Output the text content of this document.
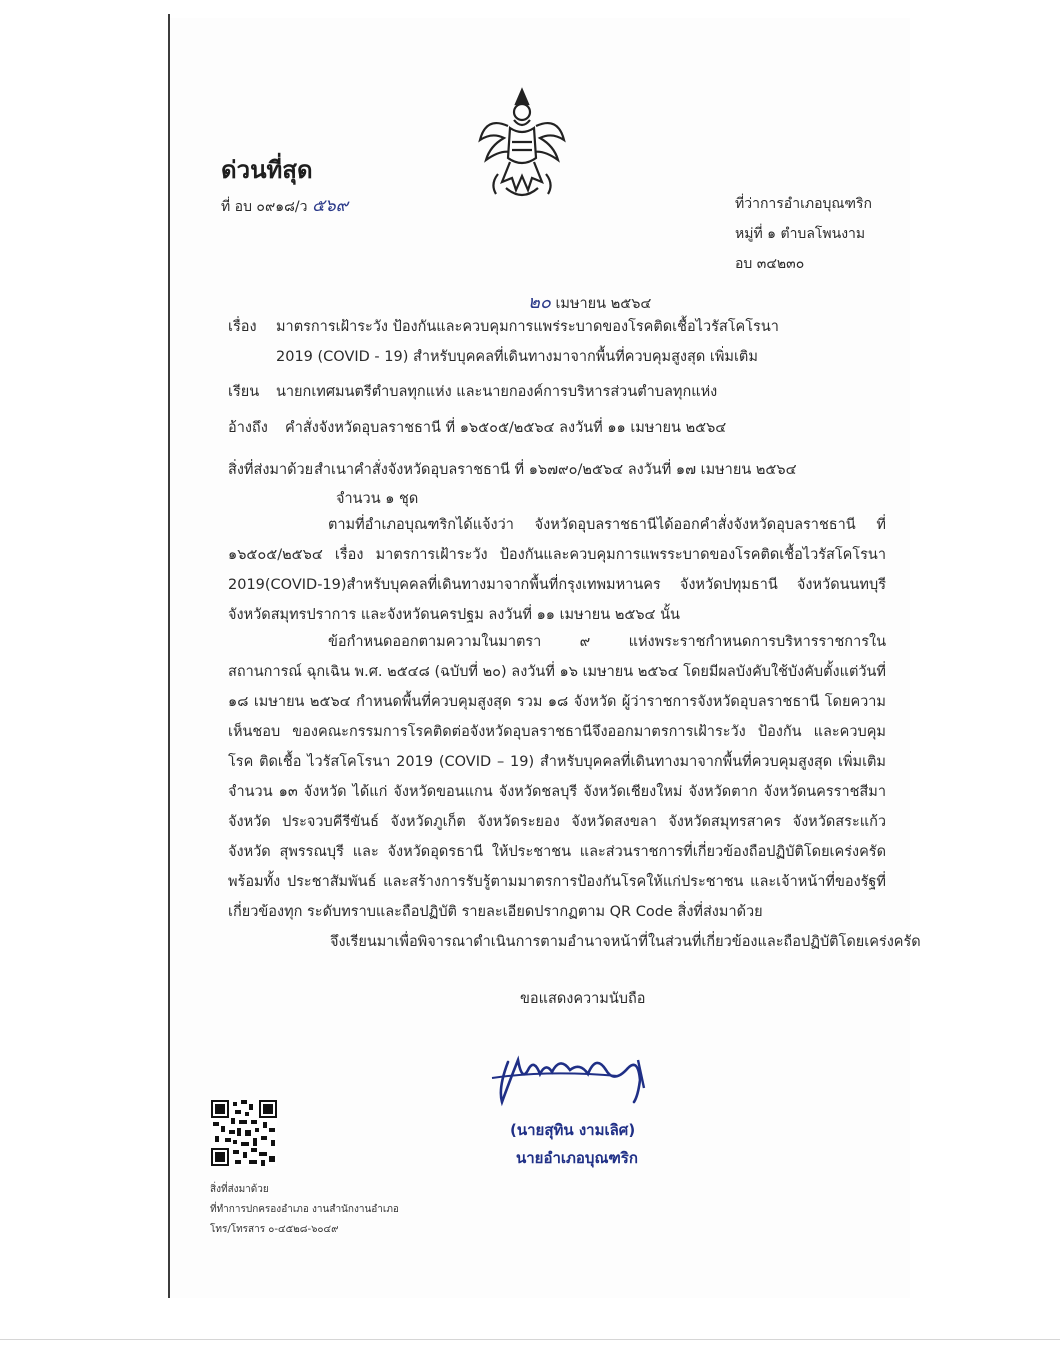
ด่วนที่สุด
ที่ อบ ๐๙๑๘/ว ๕๖๙	ที่ว่าการอำเภอบุณฑริก
หมู่ที่ ๑ ตำบลโพนงาม
อบ ๓๔๒๓๐
๒๐ เมษายน ๒๕๖๔
เรื่อง มาตรการเฝ้าระวัง ป้องกันและควบคุมการแพร่ระบาดของโรคติดเชื้อไวรัสโคโรนา
2019 (COVID - 19) สำหรับบุคคลที่เดินทางมาจากพื้นที่ควบคุมสูงสุด เพิ่มเติม
เรียน นายกเทศมนตรีตำบลทุกแห่ง และนายกองค์การบริหารส่วนตำบลทุกแห่ง
อ้างถึง คำสั่งจังหวัดอุบลราชธานี ที่ ๑๖๕๐๕/๒๕๖๔ ลงวันที่ ๑๑ เมษายน ๒๕๖๔
สิ่งที่ส่งมาด้วย สำเนาคำสั่งจังหวัดอุบลราชธานี ที่ ๑๖๗๙๐/๒๕๖๔ ลงวันที่ ๑๗ เมษายน ๒๕๖๔
จำนวน ๑ ชุด
ตามที่อำเภอบุณฑริกได้แจ้งว่า จังหวัดอุบลราชธานีได้ออกคำสั่งจังหวัดอุบลราชธานี ที่ ๑๖๕๐๕/๒๕๖๔ เรื่อง มาตรการเฝ้าระวัง ป้องกันและควบคุมการแพรระบาดของโรคติดเชื้อไวรัสโคโรนา 2019(COVID-19)สำหรับบุคคลที่เดินทางมาจากพื้นที่กรุงเทพมหานคร จังหวัดปทุมธานี จังหวัดนนทบุรี จังหวัดสมุทรปราการ และจังหวัดนครปฐม ลงวันที่ ๑๑ เมษายน ๒๕๖๔ นั้น
ข้อกำหนดออกตามความในมาตรา ๙ แห่งพระราชกำหนดการบริหารราชการในสถานการณ์ ฉุกเฉิน พ.ศ. ๒๕๔๘ (ฉบับที่ ๒๐) ลงวันที่ ๑๖ เมษายน ๒๕๖๔ โดยมีผลบังคับใช้บังคับตั้งแต่วันที่ ๑๘ เมษายน ๒๕๖๔ กำหนดพื้นที่ควบคุมสูงสุด รวม ๑๘ จังหวัด ผู้ว่าราชการจังหวัดอุบลราชธานี โดยความ เห็นชอบ ของคณะกรรมการโรคติดต่อจังหวัดอุบลราชธานีจึงออกมาตรการเฝ้าระวัง ป้องกัน และควบคุมโรค ติดเชื้อ ไวรัสโคโรนา 2019 (COVID – 19) สำหรับบุคคลที่เดินทางมาจากพื้นที่ควบคุมสูงสุด เพิ่มเติม จำนวน ๑๓ จังหวัด ได้แก่ จังหวัดขอนแกน จังหวัดชลบุรี จังหวัดเชียงใหม่ จังหวัดตาก จังหวัดนครราชสีมา จังหวัด ประจวบคีรีขันธ์ จังหวัดภูเก็ต จังหวัดระยอง จังหวัดสงขลา จังหวัดสมุทรสาคร จังหวัดสระแก้ว จังหวัด สุพรรณบุรี และ จังหวัดอุดรธานี ให้ประชาชน และส่วนราชการที่เกี่ยวข้องถือปฏิบัติโดยเคร่งครัด พร้อมทั้ง ประชาสัมพันธ์ และสร้างการรับรู้ตามมาตรการป้องกันโรคให้แก่ประชาชน และเจ้าหน้าที่ของรัฐที่เกี่ยวข้องทุก ระดับทราบและถือปฏิบัติ รายละเอียดปรากฏตาม QR Code สิ่งที่ส่งมาด้วย
จึงเรียนมาเพื่อพิจารณาดำเนินการตามอำนาจหน้าที่ในส่วนที่เกี่ยวข้องและถือปฏิบัติโดยเคร่งครัด
ขอแสดงความนับถือ
(นายสุทิน งามเลิศ)
นายอำเภอบุณฑริก
สิ่งที่ส่งมาด้วย
ที่ทำการปกครองอำเภอ งานสำนักงานอำเภอ
โทร/โทรสาร ๐-๔๕๒๘-๖๐๔๙
